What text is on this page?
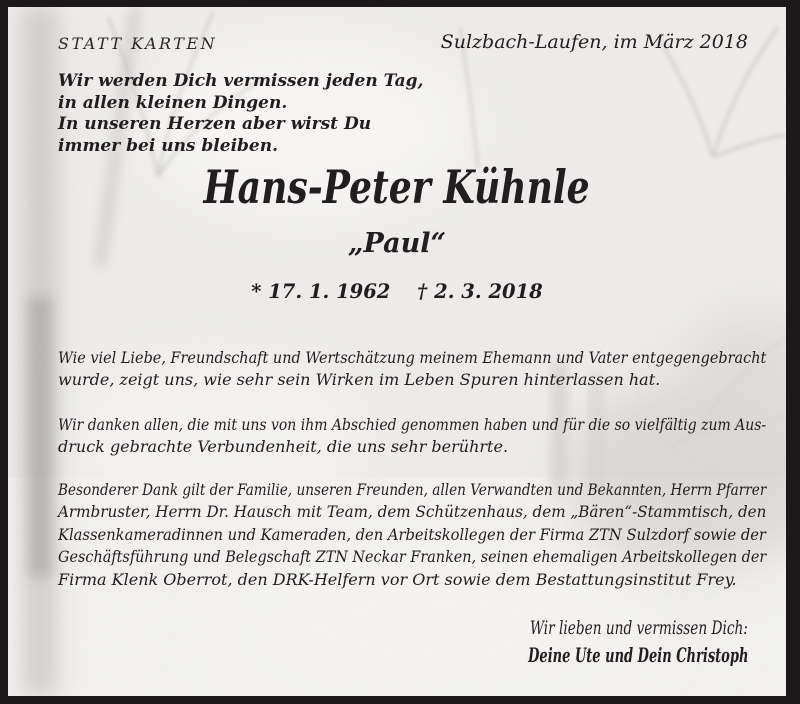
STATT KARTEN	Sulzbach-Laufen, im März 2018
Wir werden Dich vermissen jeden Tag,
in allen kleinen Dingen.
In unseren Herzen aber wirst Du
immer bei uns bleiben.
Hans-Peter Kühnle
„Paul“
* 17. 1. 1962 † 2. 3. 2018
Wie viel Liebe, Freundschaft und Wertschätzung meinem Ehemann und Vater entgegengebracht
wurde, zeigt uns, wie sehr sein Wirken im Leben Spuren hinterlassen hat.
Wir danken allen, die mit uns von ihm Abschied genommen haben und für die so vielfältig zum Aus-
druck gebrachte Verbundenheit, die uns sehr berührte.
Besonderer Dank gilt der Familie, unseren Freunden, allen Verwandten und Bekannten, Herrn Pfarrer
Armbruster, Herrn Dr. Hausch mit Team, dem Schützenhaus, dem „Bären“-Stammtisch, den
Klassenkameradinnen und Kameraden, den Arbeitskollegen der Firma ZTN Sulzdorf sowie der
Geschäftsführung und Belegschaft ZTN Neckar Franken, seinen ehemaligen Arbeitskollegen der
Firma Klenk Oberrot, den DRK-Helfern vor Ort sowie dem Bestattungsinstitut Frey.
Wir lieben und vermissen Dich:
Deine Ute und Dein Christoph
